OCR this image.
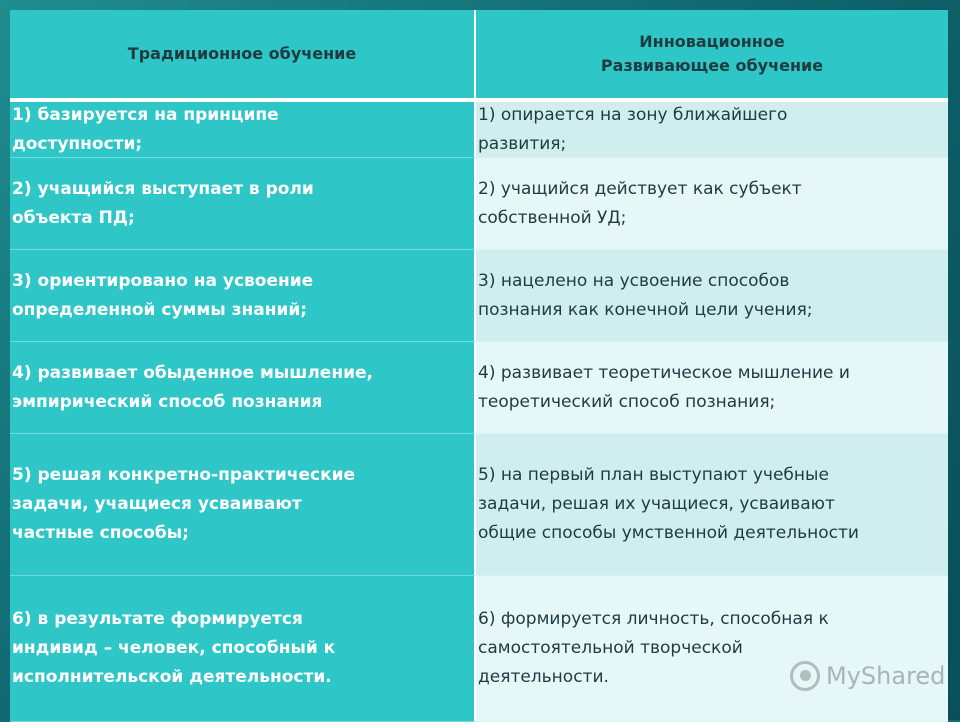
Традиционное обучение
Инновационное
Развивающее обучение
1) базируется на принципе
доступности;
1) опирается на зону ближайшего
развития;
2) учащийся выступает в роли
объекта ПД;
2) учащийся действует как субъект
собственной УД;
3) ориентировано на усвоение
определенной суммы знаний;
3) нацелено на усвоение способов
познания как конечной цели учения;
4) развивает обыденное мышление,
эмпирический способ познания
4) развивает теоретическое мышление и
теоретический способ познания;
5) решая конкретно-практические
задачи, учащиеся усваивают
частные способы;
5) на первый план выступают учебные
задачи, решая их учащиеся, усваивают
общие способы умственной деятельности
6) в результате формируется
индивид – человек, способный к
исполнительской деятельности.
6) формируется личность, способная к
самостоятельной творческой
деятельности.	MyShared
